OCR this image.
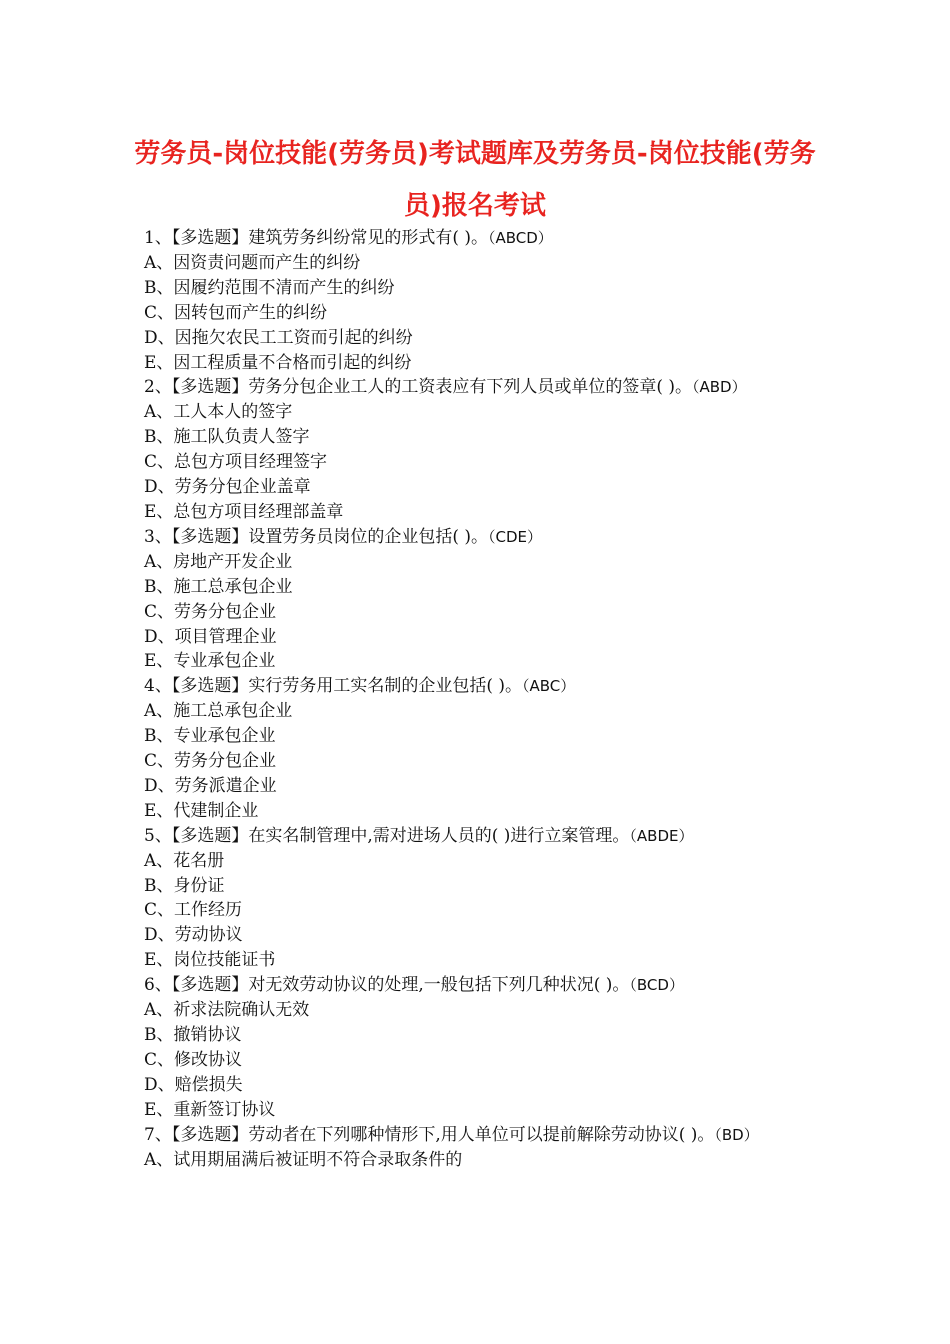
劳务员-岗位技能(劳务员)考试题库及劳务员-岗位技能(劳务员)报名考试
1、【多选题】建筑劳务纠纷常见的形式有( )。（ABCD）
A、因资责问题而产生的纠纷
B、因履约范围不清而产生的纠纷
C、因转包而产生的纠纷
D、因拖欠农民工工资而引起的纠纷
E、因工程质量不合格而引起的纠纷
2、【多选题】劳务分包企业工人的工资表应有下列人员或单位的签章( )。（ABD）
A、工人本人的签字
B、施工队负责人签字
C、总包方项目经理签字
D、劳务分包企业盖章
E、总包方项目经理部盖章
3、【多选题】设置劳务员岗位的企业包括( )。（CDE）
A、房地产开发企业
B、施工总承包企业
C、劳务分包企业
D、项目管理企业
E、专业承包企业
4、【多选题】实行劳务用工实名制的企业包括( )。（ABC）
A、施工总承包企业
B、专业承包企业
C、劳务分包企业
D、劳务派遣企业
E、代建制企业
5、【多选题】在实名制管理中,需对进场人员的( )进行立案管理。（ABDE）
A、花名册
B、身份证
C、工作经历
D、劳动协议
E、岗位技能证书
6、【多选题】对无效劳动协议的处理,一般包括下列几种状况( )。（BCD）
A、祈求法院确认无效
B、撤销协议
C、修改协议
D、赔偿损失
E、重新签订协议
7、【多选题】劳动者在下列哪种情形下,用人单位可以提前解除劳动协议( )。（BD）
A、试用期届满后被证明不符合录取条件的
